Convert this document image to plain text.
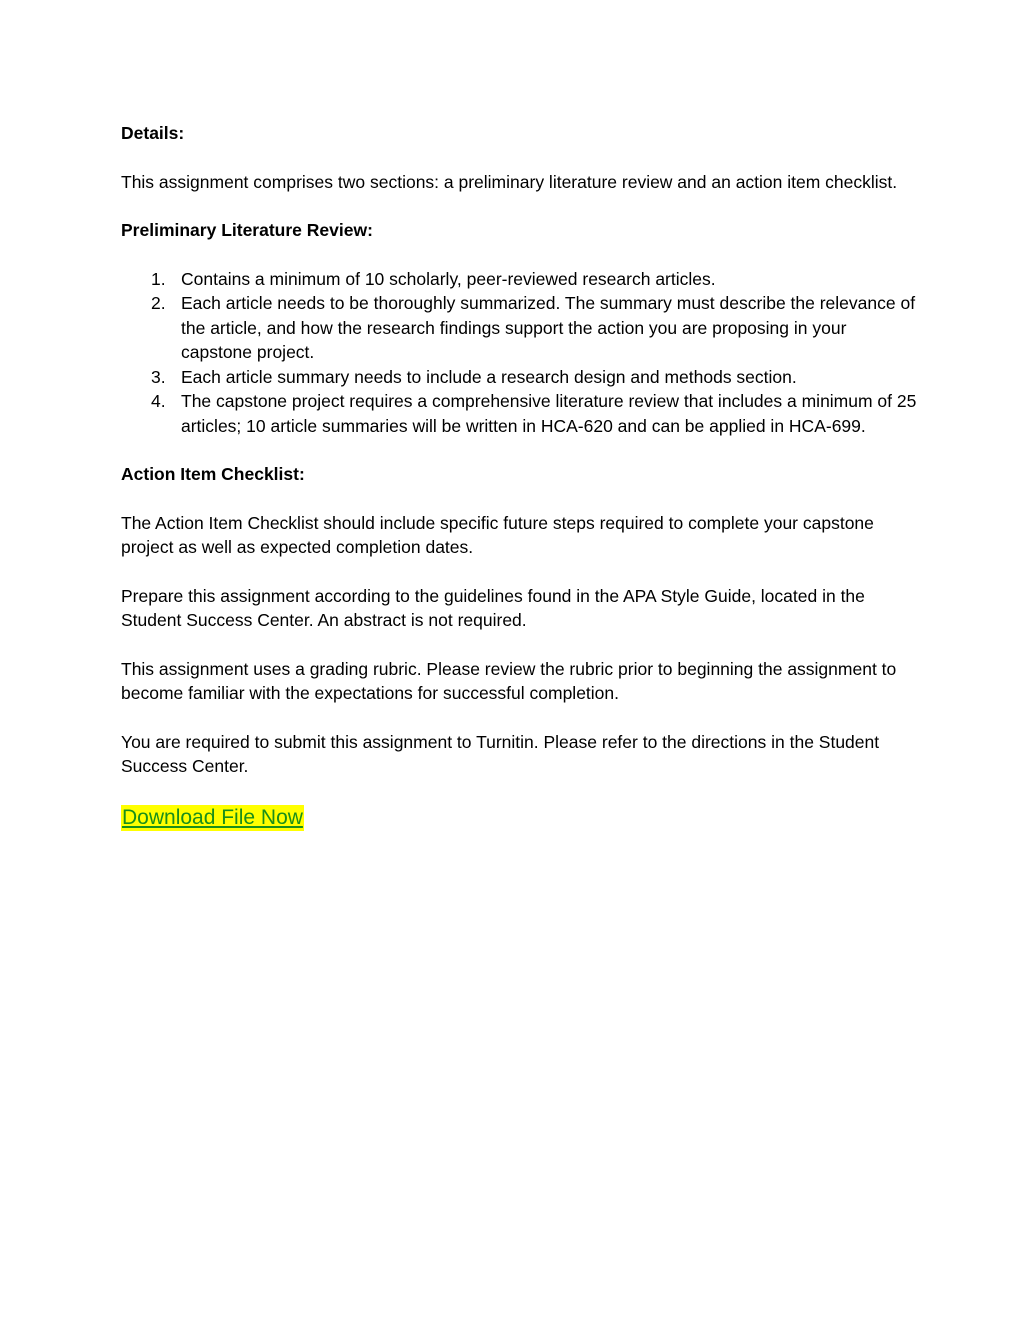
Details:

This assignment comprises two sections: a preliminary literature review and an action item checklist.

Preliminary Literature Review:

1. Contains a minimum of 10 scholarly, peer-reviewed research articles.
2. Each article needs to be thoroughly summarized. The summary must describe the relevance of the article, and how the research findings support the action you are proposing in your capstone project.
3. Each article summary needs to include a research design and methods section.
4. The capstone project requires a comprehensive literature review that includes a minimum of 25 articles; 10 article summaries will be written in HCA-620 and can be applied in HCA-699.

Action Item Checklist:

The Action Item Checklist should include specific future steps required to complete your capstone project as well as expected completion dates.

Prepare this assignment according to the guidelines found in the APA Style Guide, located in the Student Success Center. An abstract is not required.

This assignment uses a grading rubric. Please review the rubric prior to beginning the assignment to become familiar with the expectations for successful completion.

You are required to submit this assignment to Turnitin. Please refer to the directions in the Student Success Center.

Download File Now
